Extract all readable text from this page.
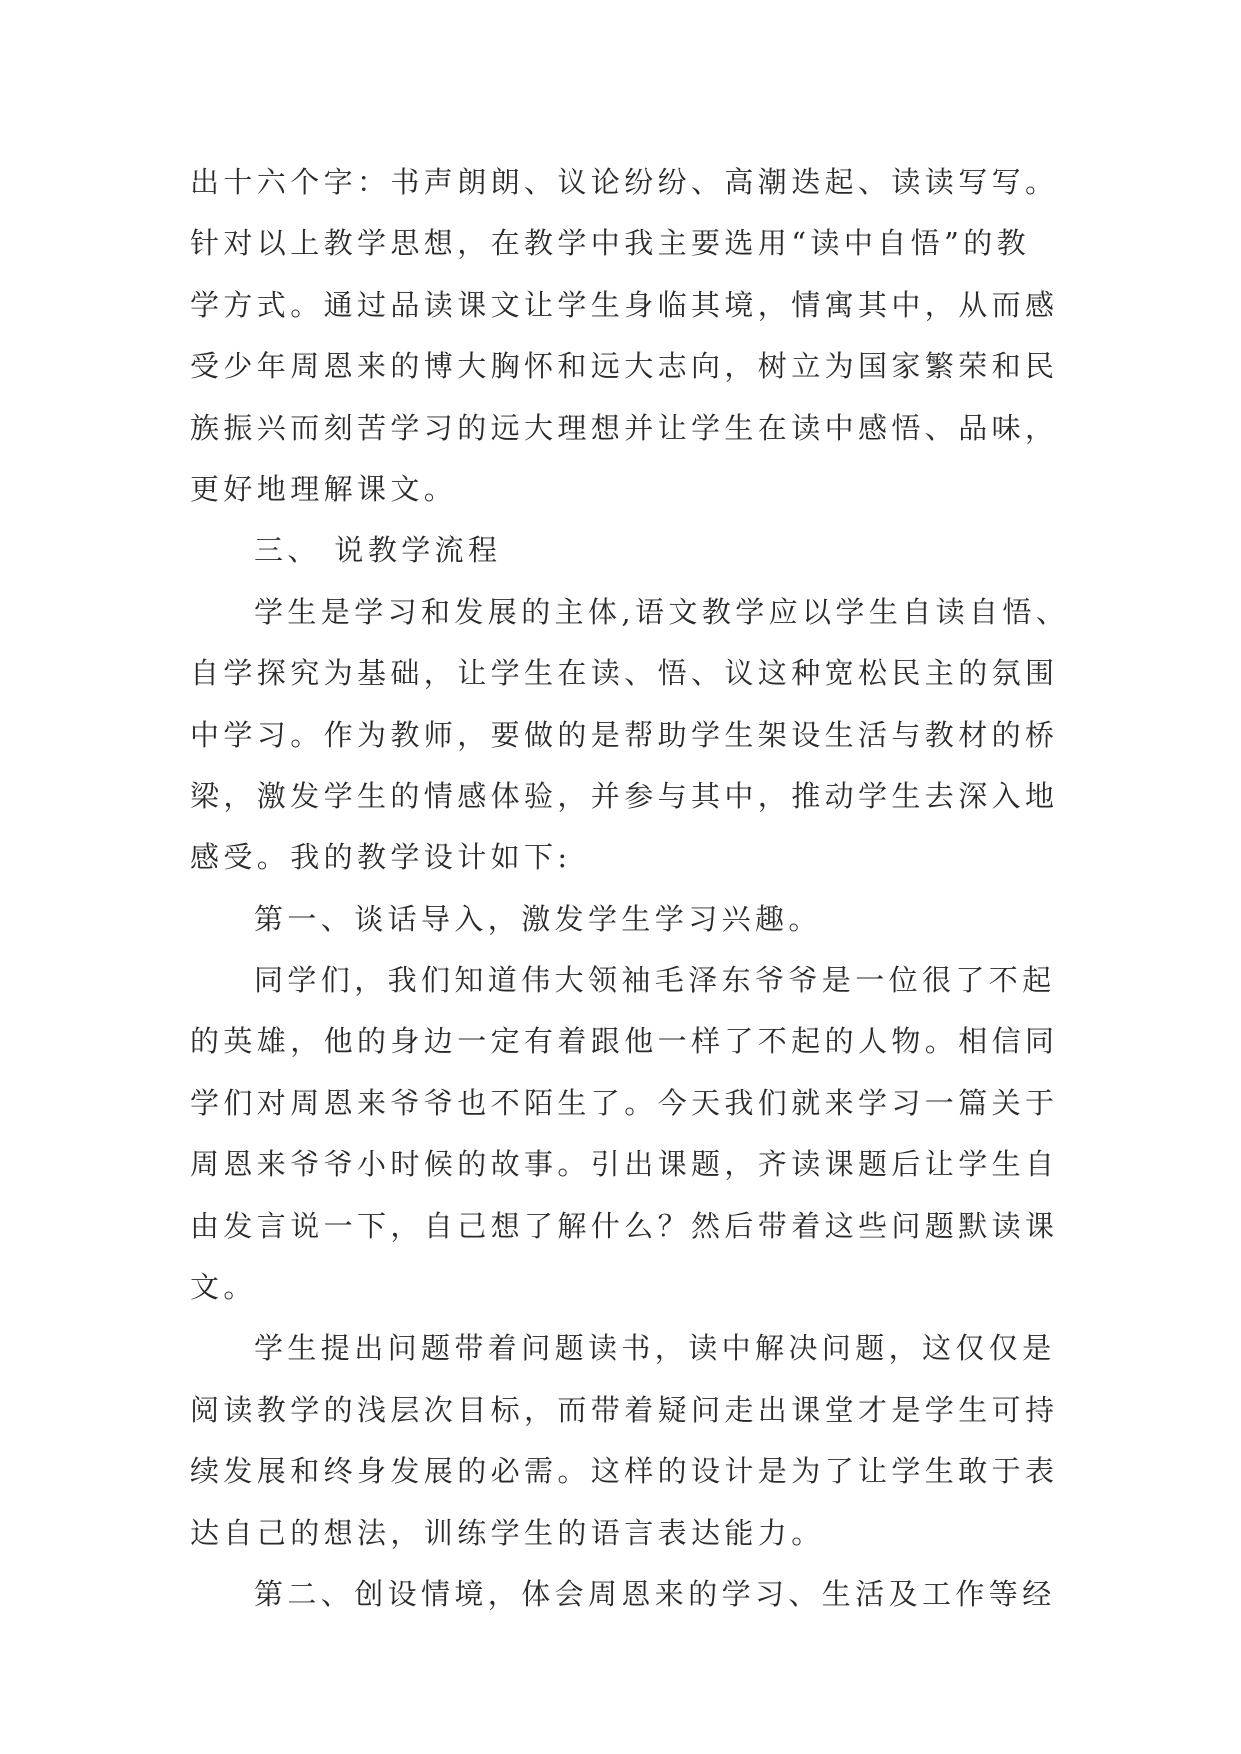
出十六个字：书声朗朗、议论纷纷、高潮迭起、读读写写。
针对以上教学思想，在教学中我主要选用“读中自悟”的教
学方式。通过品读课文让学生身临其境，情寓其中，从而感
受少年周恩来的博大胸怀和远大志向，树立为国家繁荣和民
族振兴而刻苦学习的远大理想并让学生在读中感悟、品味，
更好地理解课文。
三、 说教学流程
学生是学习和发展的主体,语文教学应以学生自读自悟、
自学探究为基础，让学生在读、悟、议这种宽松民主的氛围
中学习。作为教师，要做的是帮助学生架设生活与教材的桥
梁，激发学生的情感体验，并参与其中，推动学生去深入地
感受。我的教学设计如下:
第一、谈话导入，激发学生学习兴趣。
同学们，我们知道伟大领袖毛泽东爷爷是一位很了不起
的英雄，他的身边一定有着跟他一样了不起的人物。相信同
学们对周恩来爷爷也不陌生了。今天我们就来学习一篇关于
周恩来爷爷小时候的故事。引出课题，齐读课题后让学生自
由发言说一下，自己想了解什么？然后带着这些问题默读课
文。
学生提出问题带着问题读书，读中解决问题，这仅仅是
阅读教学的浅层次目标，而带着疑问走出课堂才是学生可持
续发展和终身发展的必需。这样的设计是为了让学生敢于表
达自己的想法，训练学生的语言表达能力。
第二、创设情境，体会周恩来的学习、生活及工作等经
